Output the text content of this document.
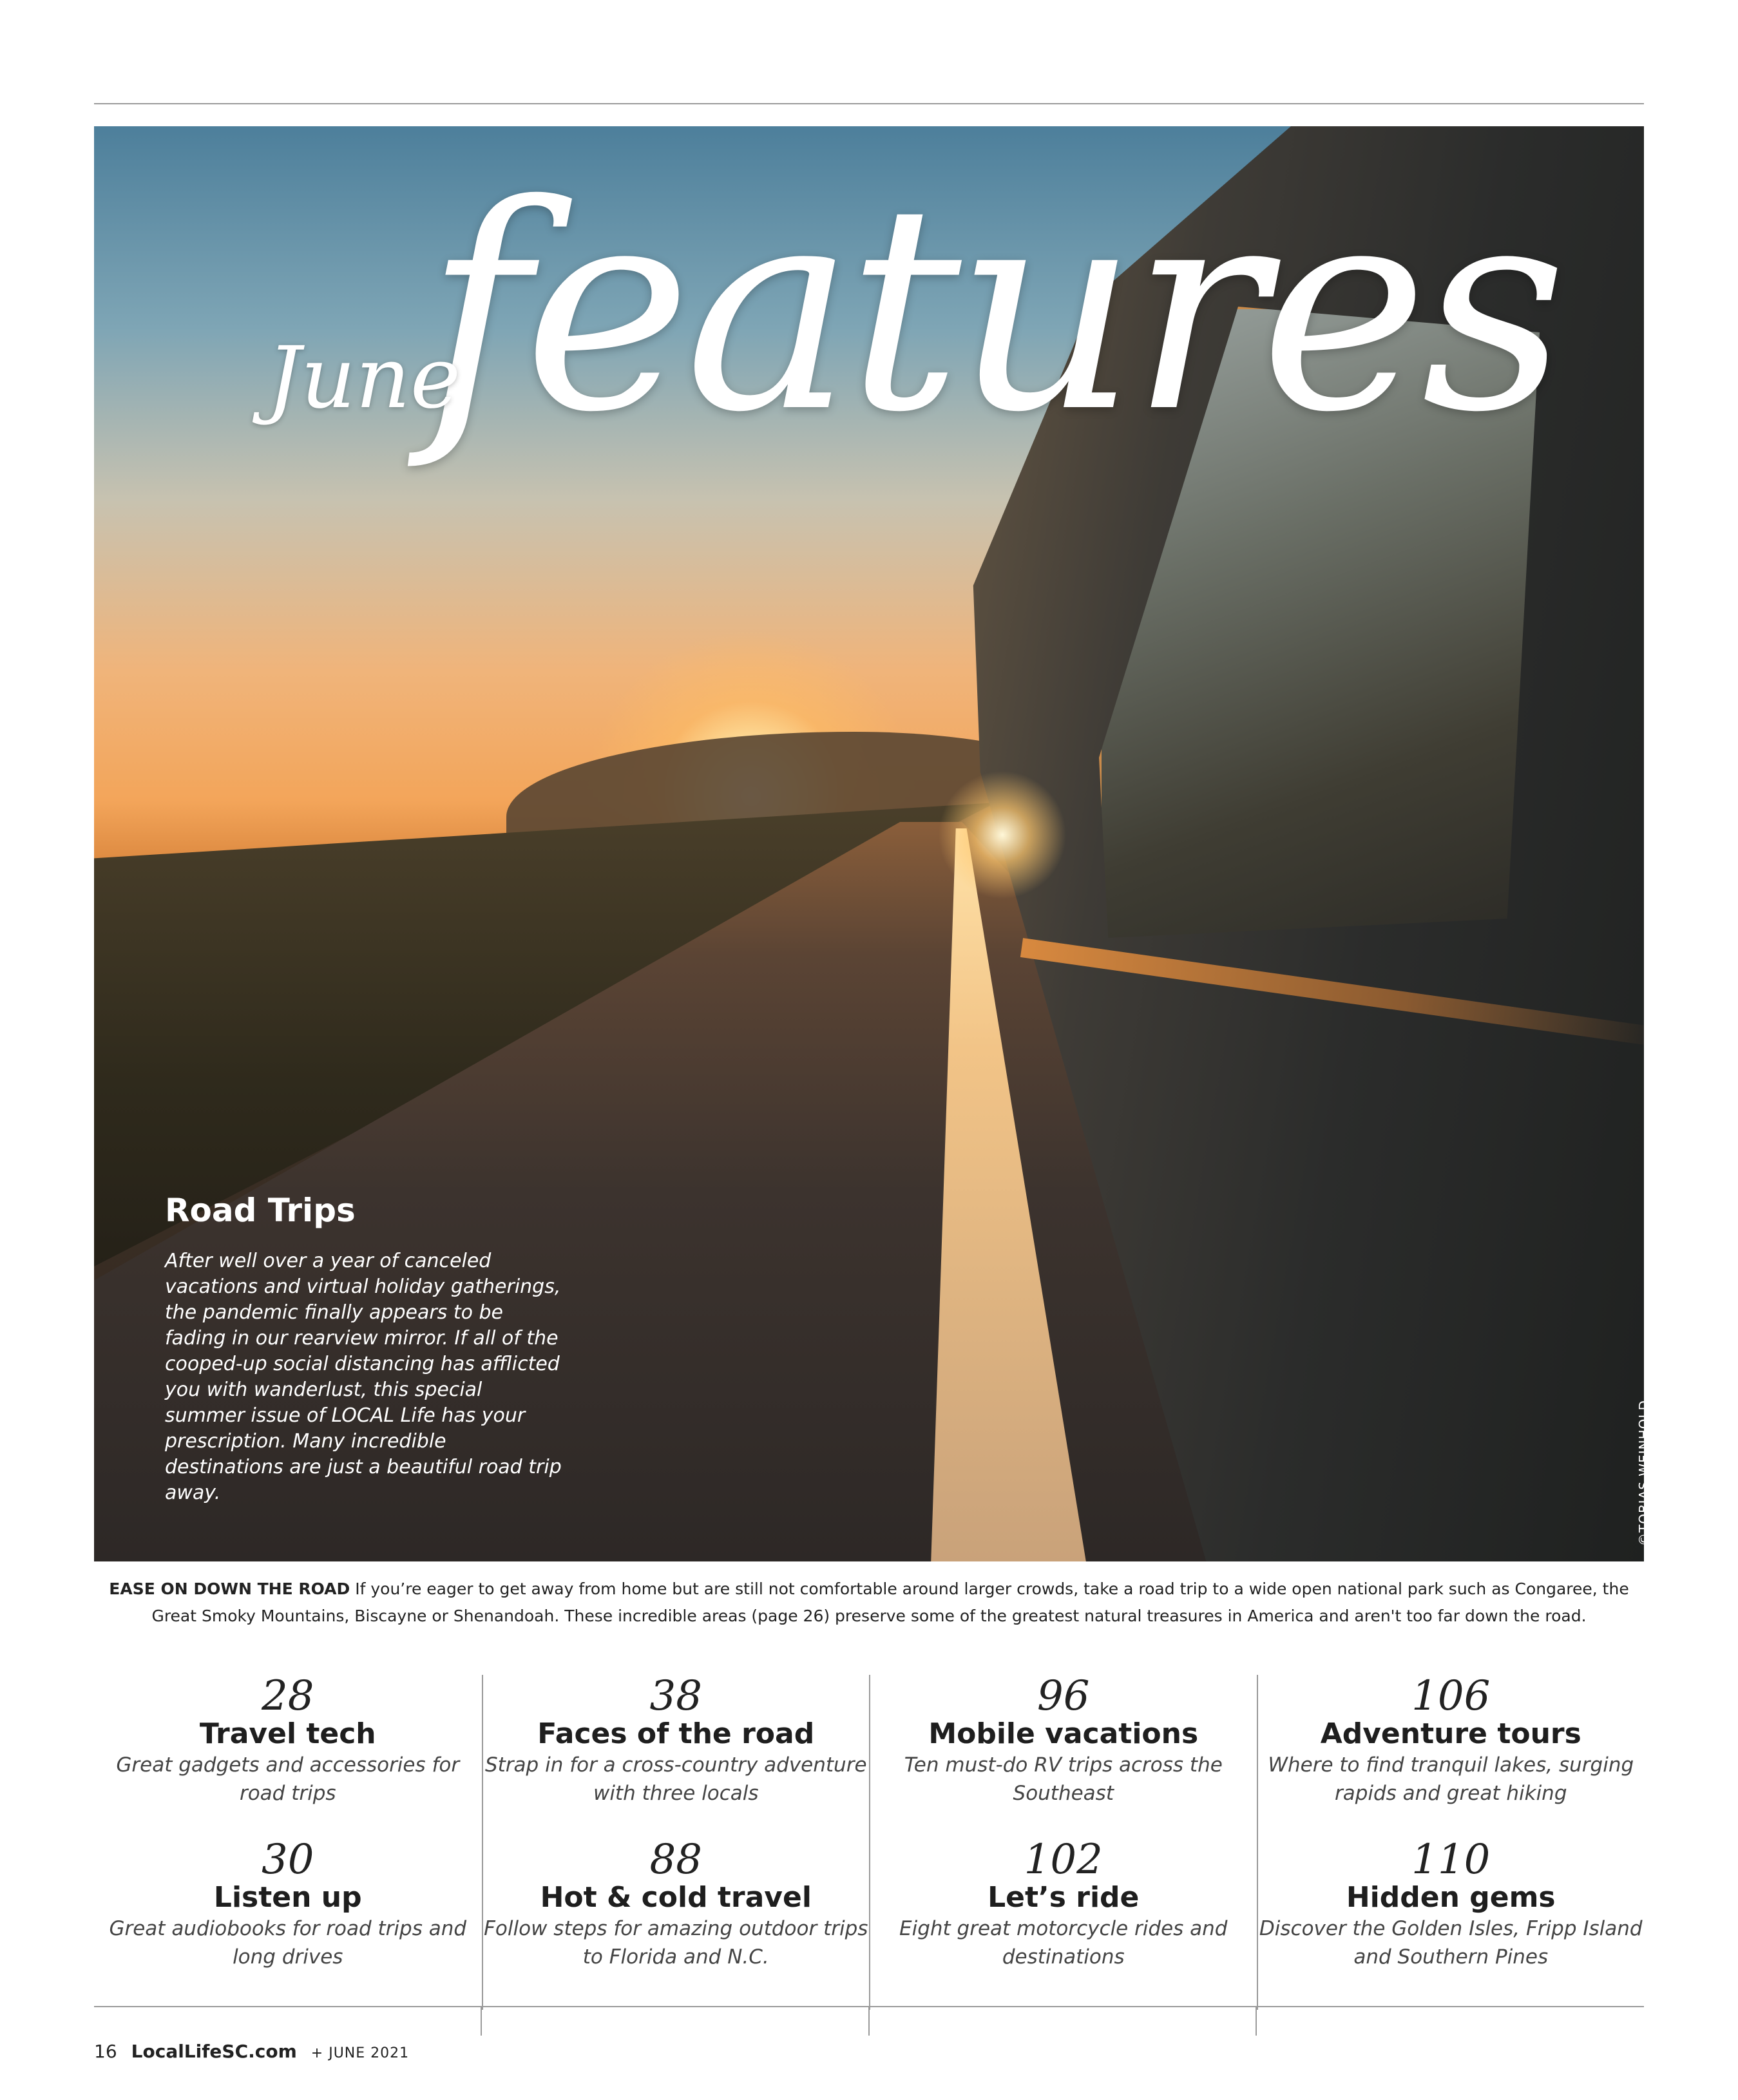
features
June
Road Trips
After well over a year of canceled vacations and virtual holiday gatherings, the pandemic finally appears to be fading in our rearview mirror. If all of the cooped-up social distancing has afflicted you with wanderlust, this special summer issue of LOCAL Life has your prescription. Many incredible destinations are just a beautiful road trip away.	©TOBIAS WEINHOLD
EASE ON DOWN THE ROAD If you’re eager to get away from home but are still not comfortable around larger crowds, take a road trip to a wide open national park such as Congaree, the Great Smoky Mountains, Biscayne or Shenandoah. These incredible areas (page 26) preserve some of the greatest natural treasures in America and aren't too far down the road.
28
Travel tech
Great gadgets and accessories for road trips
30
Listen up
Great audiobooks for road trips and long drives
38
Faces of the road
Strap in for a cross-country adventure with three locals
88
Hot & cold travel
Follow steps for amazing outdoor trips to Florida and N.C.
96
Mobile vacations
Ten must-do RV trips across the Southeast
102
Let’s ride
Eight great motorcycle rides and destinations
106
Adventure tours
Where to find tranquil lakes, surging rapids and great hiking
110
Hidden gems
Discover the Golden Isles, Fripp Island and Southern Pines
16 LocalLifeSC.com + JUNE 2021
